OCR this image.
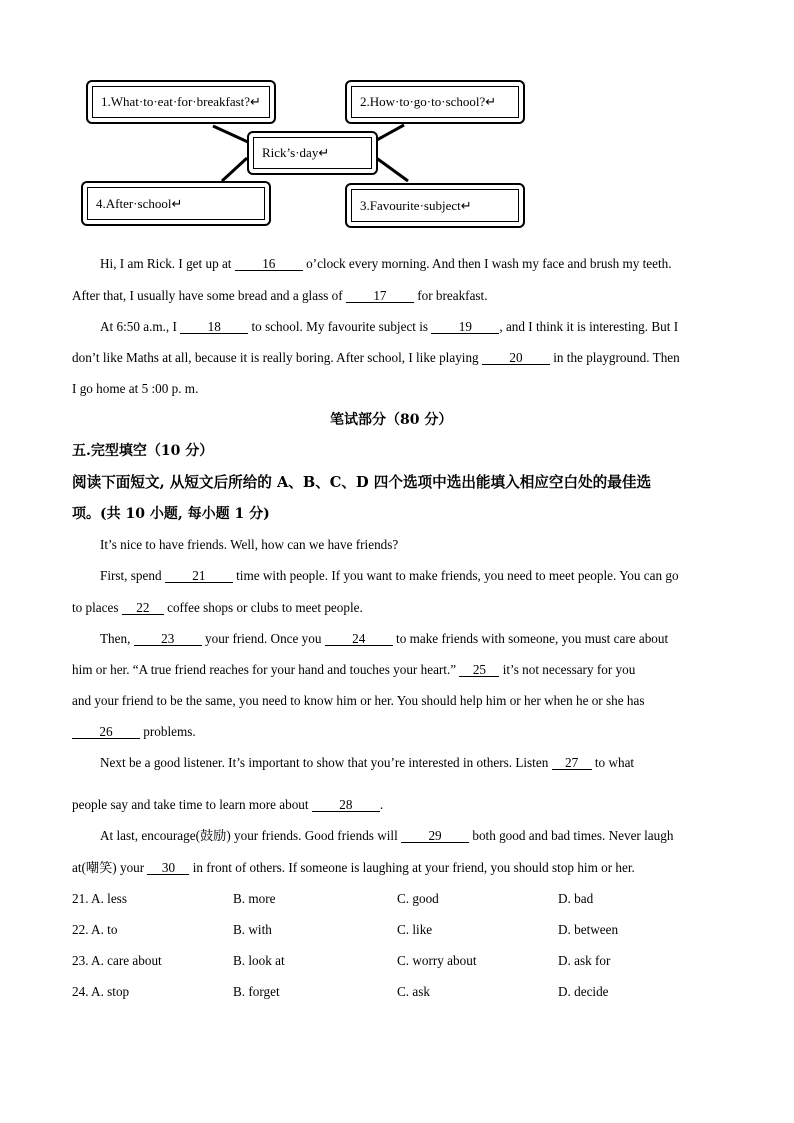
1.What·to·eat·for·breakfast?↵	2.How·to·go·to·school?↵
Rick’s·day↵
4.After·school↵	3.Favourite·subject↵
Hi, I am Rick. I get up at 16 o’clock every morning. And then I wash my face and brush my teeth.
After that, I usually have some bread and a glass of 17 for breakfast.
At 6:50 a.m., I 18 to school. My favourite subject is 19 , and I think it is interesting. But I
don’t like Maths at all, because it is really boring. After school, I like playing 20 in the playground. Then
I go home at 5 :00 p. m.
笔试部分（80 分）
五.完型填空（10 分）
阅读下面短文, 从短文后所给的 A、B、C、D 四个选项中选出能填入相应空白处的最佳选
项。(共 10 小题, 每小题 1 分)
It’s nice to have friends. Well, how can we have friends?
First, spend 21 time with people. If you want to make friends, you need to meet people. You can go
to places 22 coffee shops or clubs to meet people.
Then, 23 your friend. Once you 24 to make friends with someone, you must care about
him or her. “A true friend reaches for your hand and touches your heart.” 25 it’s not necessary for you
and your friend to be the same, you need to know him or her. You should help him or her when he or she has
26 problems.
Next be a good listener. It’s important to show that you’re interested in others. Listen 27 to what
people say and take time to learn more about 28 .
At last, encourage(鼓励) your friends. Good friends will 29 both good and bad times. Never laugh
at(嘲笑) your 30 in front of others. If someone is laughing at your friend, you should stop him or her.
21. A. less	B. more	C. good	D. bad
22. A. to	B. with	C. like	D. between
23. A. care about	B. look at	C. worry about	D. ask for
24. A. stop	B. forget	C. ask	D. decide
